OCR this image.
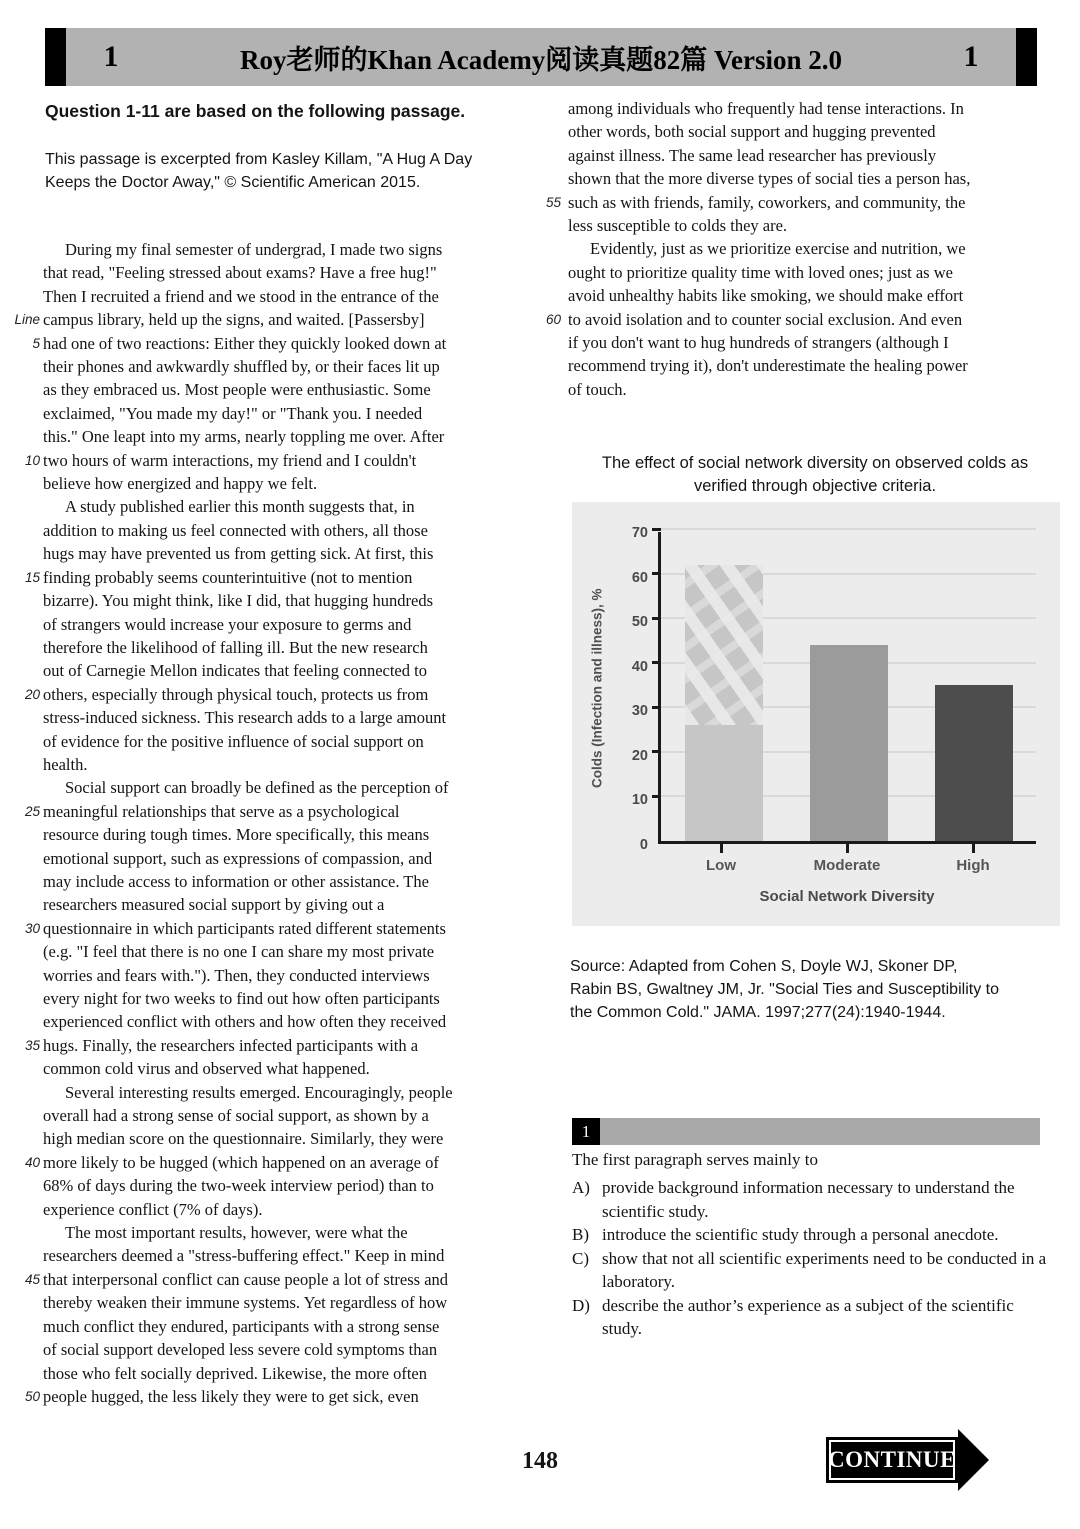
1	Roy老师的Khan Academy阅读真题82篇 Version 2.0	1
Question 1-11 are based on the following passage.
This passage is excerpted from Kasley Killam, "A Hug A Day
Keeps the Doctor Away," © Scientific American 2015.
During my final semester of undergrad, I made two signs
that read, "Feeling stressed about exams? Have a free hug!"
Then I recruited a friend and we stood in the entrance of the
Line campus library, held up the signs, and waited. [Passersby]
5 had one of two reactions: Either they quickly looked down at
their phones and awkwardly shuffled by, or their faces lit up
as they embraced us. Most people were enthusiastic. Some
exclaimed, "You made my day!" or "Thank you. I needed
this." One leapt into my arms, nearly toppling me over. After
10 two hours of warm interactions, my friend and I couldn't
believe how energized and happy we felt.
A study published earlier this month suggests that, in
addition to making us feel connected with others, all those
hugs may have prevented us from getting sick. At first, this
15 finding probably seems counterintuitive (not to mention
bizarre). You might think, like I did, that hugging hundreds
of strangers would increase your exposure to germs and
therefore the likelihood of falling ill. But the new research
out of Carnegie Mellon indicates that feeling connected to
20 others, especially through physical touch, protects us from
stress-induced sickness. This research adds to a large amount
of evidence for the positive influence of social support on
health.
Social support can broadly be defined as the perception of
25 meaningful relationships that serve as a psychological
resource during tough times. More specifically, this means
emotional support, such as expressions of compassion, and
may include access to information or other assistance. The
researchers measured social support by giving out a
30 questionnaire in which participants rated different statements
(e.g. "I feel that there is no one I can share my most private
worries and fears with."). Then, they conducted interviews
every night for two weeks to find out how often participants
experienced conflict with others and how often they received
35 hugs. Finally, the researchers infected participants with a
common cold virus and observed what happened.
Several interesting results emerged. Encouragingly, people
overall had a strong sense of social support, as shown by a
high median score on the questionnaire. Similarly, they were
40 more likely to be hugged (which happened on an average of
68% of days during the two-week interview period) than to
experience conflict (7% of days).
The most important results, however, were what the
researchers deemed a "stress-buffering effect." Keep in mind
45 that interpersonal conflict can cause people a lot of stress and
thereby weaken their immune systems. Yet regardless of how
much conflict they endured, participants with a strong sense
of social support developed less severe cold symptoms than
those who felt socially deprived. Likewise, the more often
50 people hugged, the less likely they were to get sick, even
among individuals who frequently had tense interactions. In
other words, both social support and hugging prevented
against illness. The same lead researcher has previously
shown that the more diverse types of social ties a person has,
55 such as with friends, family, coworkers, and community, the
less susceptible to colds they are.
Evidently, just as we prioritize exercise and nutrition, we
ought to prioritize quality time with loved ones; just as we
avoid unhealthy habits like smoking, we should make effort
60 to avoid isolation and to counter social exclusion. And even
if you don't want to hug hundreds of strangers (although I
recommend trying it), don't underestimate the healing power
of touch.
The effect of social network diversity on observed colds as
verified through objective criteria.
Colds (Infection and illness), %
0
10
20
30
40
50
60
70
Low	Moderate	High
Social Network Diversity
Source: Adapted from Cohen S, Doyle WJ, Skoner DP,
Rabin BS, Gwaltney JM, Jr. "Social Ties and Susceptibility to
the Common Cold." JAMA. 1997;277(24):1940-1944.
1
The first paragraph serves mainly to
A) provide background information necessary to understand the scientific study.
B) introduce the scientific study through a personal anecdote.
C) show that not all scientific experiments need to be conducted in a laboratory.
D) describe the author’s experience as a subject of the scientific study.
148	CONTINUE
